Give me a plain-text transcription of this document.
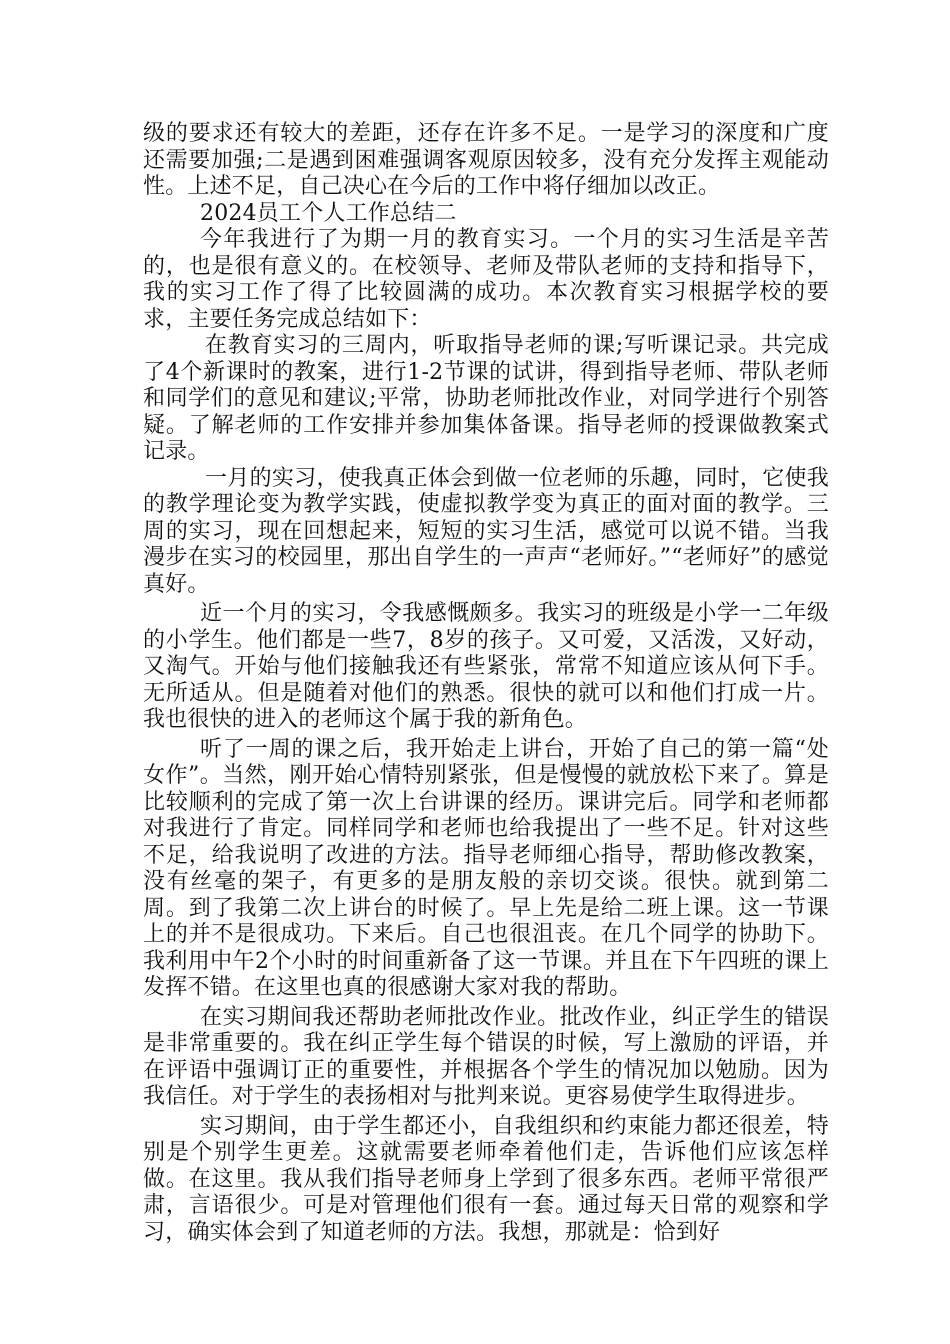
级的要求还有较大的差距，还存在许多不足。一是学习的深度和广度还需要加强;二是遇到困难强调客观原因较多，没有充分发挥主观能动性。上述不足，自己决心在今后的工作中将仔细加以改正。

2024员工个人工作总结二

今年我进行了为期一月的教育实习。一个月的实习生活是辛苦的，也是很有意义的。在校领导、老师及带队老师的支持和指导下，我的实习工作了得了比较圆满的成功。本次教育实习根据学校的要求，主要任务完成总结如下：

在教育实习的三周内，听取指导老师的课;写听课记录。共完成了4个新课时的教案，进行1-2节课的试讲，得到指导老师、带队老师和同学们的意见和建议;平常，协助老师批改作业，对同学进行个别答疑。了解老师的工作安排并参加集体备课。指导老师的授课做教案式记录。

一月的实习，使我真正体会到做一位老师的乐趣，同时，它使我的教学理论变为教学实践，使虚拟教学变为真正的面对面的教学。三周的实习，现在回想起来，短短的实习生活，感觉可以说不错。当我漫步在实习的校园里，那出自学生的一声声“老师好。”“老师好”的感觉真好。

近一个月的实习，令我感慨颇多。我实习的班级是小学一二年级的小学生。他们都是一些7，8岁的孩子。又可爱，又活泼，又好动，又淘气。开始与他们接触我还有些紧张，常常不知道应该从何下手。无所适从。但是随着对他们的熟悉。很快的就可以和他们打成一片。我也很快的进入的老师这个属于我的新角色。

听了一周的课之后，我开始走上讲台，开始了自己的第一篇“处女作”。当然，刚开始心情特别紧张，但是慢慢的就放松下来了。算是比较顺利的完成了第一次上台讲课的经历。课讲完后。同学和老师都对我进行了肯定。同样同学和老师也给我提出了一些不足。针对这些不足，给我说明了改进的方法。指导老师细心指导，帮助修改教案，没有丝毫的架子，有更多的是朋友般的亲切交谈。很快。就到第二周。到了我第二次上讲台的时候了。早上先是给二班上课。这一节课上的并不是很成功。下来后。自己也很沮丧。在几个同学的协助下。我利用中午2个小时的时间重新备了这一节课。并且在下午四班的课上发挥不错。在这里也真的很感谢大家对我的帮助。

在实习期间我还帮助老师批改作业。批改作业，纠正学生的错误是非常重要的。我在纠正学生每个错误的时候，写上激励的评语，并在评语中强调订正的重要性，并根据各个学生的情况加以勉励。因为我信任。对于学生的表扬相对与批判来说。更容易使学生取得进步。

实习期间，由于学生都还小，自我组织和约束能力都还很差，特别是个别学生更差。这就需要老师牵着他们走，告诉他们应该怎样做。在这里。我从我们指导老师身上学到了很多东西。老师平常很严肃，言语很少。可是对管理他们很有一套。通过每天日常的观察和学习，确实体会到了知道老师的方法。我想，那就是：恰到好
